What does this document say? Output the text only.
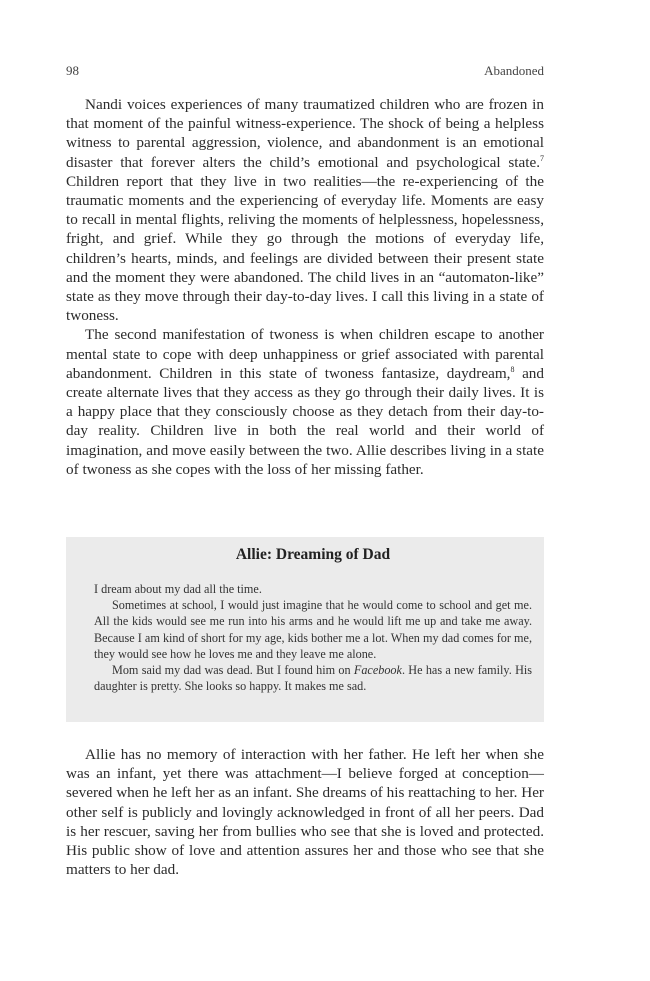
98	Abandoned

Nandi voices experiences of many traumatized children who are frozen in that moment of the painful witness-experience. The shock of being a helpless witness to parental aggression, violence, and abandonment is an emotional disaster that forever alters the child’s emotional and psychological state.$^7$ Children report that they live in two realities—the re-experiencing of the traumatic moments and the experiencing of everyday life. Moments are easy to recall in mental flights, reliving the moments of helplessness, hopelessness, fright, and grief. While they go through the motions of everyday life, children’s hearts, minds, and feelings are divided between their present state and the moment they were abandoned. The child lives in an “automaton-like” state as they move through their day-to-day lives. I call this living in a state of twoness.

The second manifestation of twoness is when children escape to another mental state to cope with deep unhappiness or grief associated with parental abandonment. Children in this state of twoness fantasize, daydream,$^8$ and create alternate lives that they access as they go through their daily lives. It is a happy place that they consciously choose as they detach from their day-to-day reality. Children live in both the real world and their world of imagination, and move easily between the two. Allie describes living in a state of twoness as she copes with the loss of her missing father.

Allie: Dreaming of Dad

I dream about my dad all the time.

Sometimes at school, I would just imagine that he would come to school and get me. All the kids would see me run into his arms and he would lift me up and take me away. Because I am kind of short for my age, kids bother me a lot. When my dad comes for me, they would see how he loves me and they leave me alone.

Mom said my dad was dead. But I found him on Facebook. He has a new family. His daughter is pretty. She looks so happy. It makes me sad.

Allie has no memory of interaction with her father. He left her when she was an infant, yet there was attachment—I believe forged at conception—severed when he left her as an infant. She dreams of his reattaching to her. Her other self is publicly and lovingly acknowledged in front of all her peers. Dad is her rescuer, saving her from bullies who see that she is loved and protected. His public show of love and attention assures her and those who see that she matters to her dad.
